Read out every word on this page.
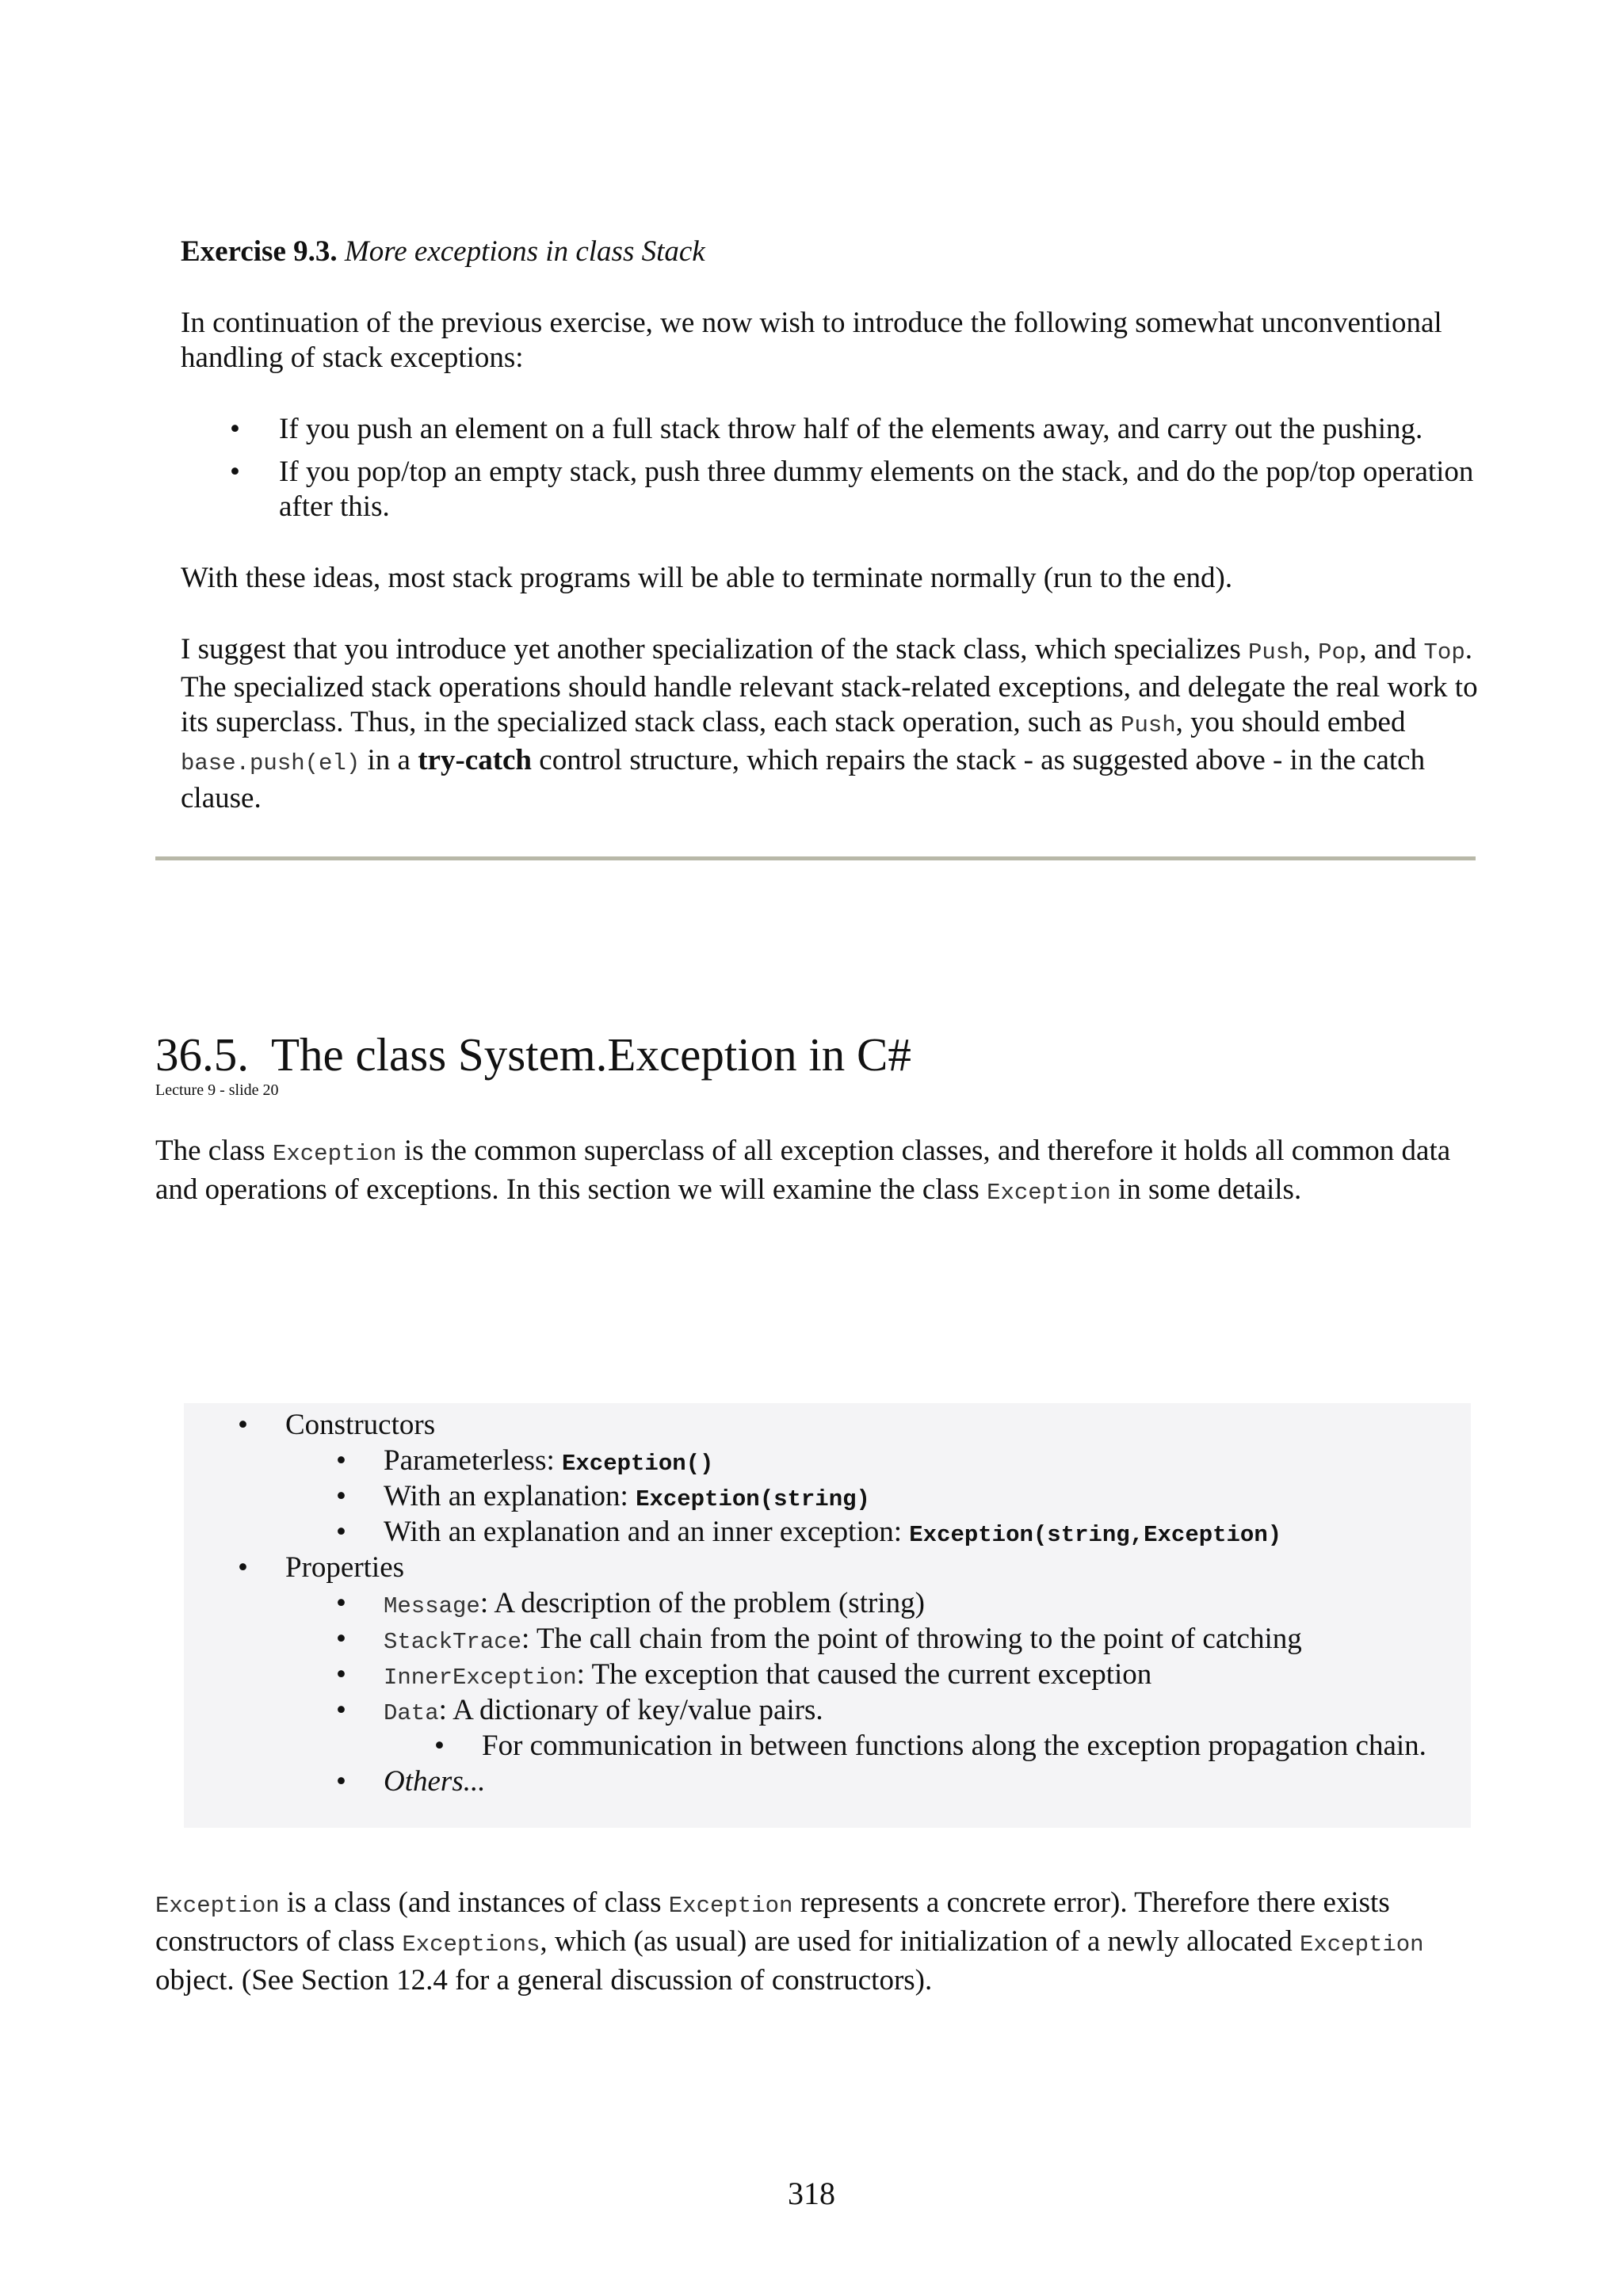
Exercise 9.3. More exceptions in class Stack

In continuation of the previous exercise, we now wish to introduce the following somewhat unconventional handling of stack exceptions:

• If you push an element on a full stack throw half of the elements away, and carry out the pushing.
• If you pop/top an empty stack, push three dummy elements on the stack, and do the pop/top operation after this.

With these ideas, most stack programs will be able to terminate normally (run to the end).

I suggest that you introduce yet another specialization of the stack class, which specializes Push, Pop, and Top. The specialized stack operations should handle relevant stack-related exceptions, and delegate the real work to its superclass. Thus, in the specialized stack class, each stack operation, such as Push, you should embed base.push(el) in a try-catch control structure, which repairs the stack - as suggested above - in the catch clause.

36.5. The class System.Exception in C#
Lecture 9 - slide 20

The class Exception is the common superclass of all exception classes, and therefore it holds all common data and operations of exceptions. In this section we will examine the class Exception in some details.

• Constructors
• Parameterless: Exception()
• With an explanation: Exception(string)
• With an explanation and an inner exception: Exception(string,Exception)
• Properties
• Message: A description of the problem (string)
• StackTrace: The call chain from the point of throwing to the point of catching
• InnerException: The exception that caused the current exception
• Data: A dictionary of key/value pairs.
• For communication in between functions along the exception propagation chain.
• Others...

Exception is a class (and instances of class Exception represents a concrete error). Therefore there exists constructors of class Exceptions, which (as usual) are used for initialization of a newly allocated Exception object. (See Section 12.4 for a general discussion of constructors).

318
